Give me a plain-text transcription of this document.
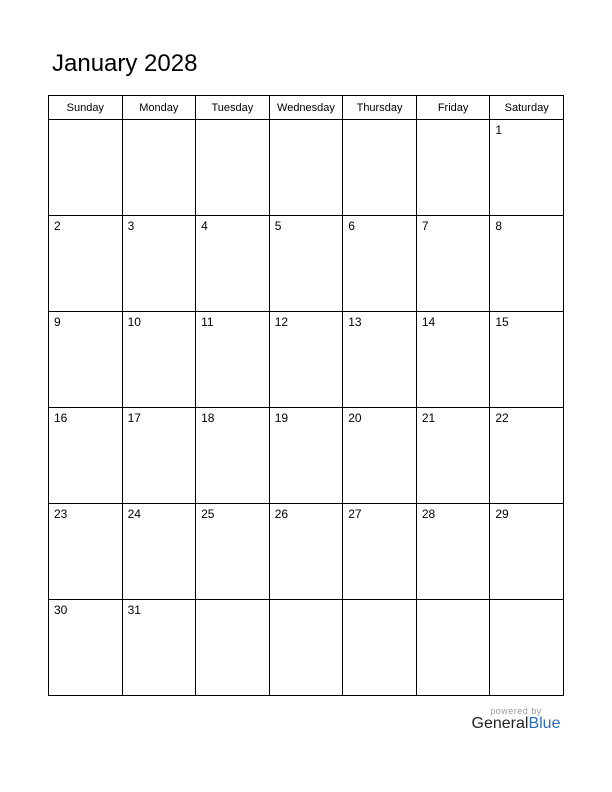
January 2028
Sunday	Monday	Tuesday	Wednesday	Thursday	Friday	Saturday

						1

2	3	4	5	6	7	8

9	10	11	12	13	14	15

16	17	18	19	20	21	22

23	24	25	26	27	28	29

30	31					

powered by
GeneralBlue
